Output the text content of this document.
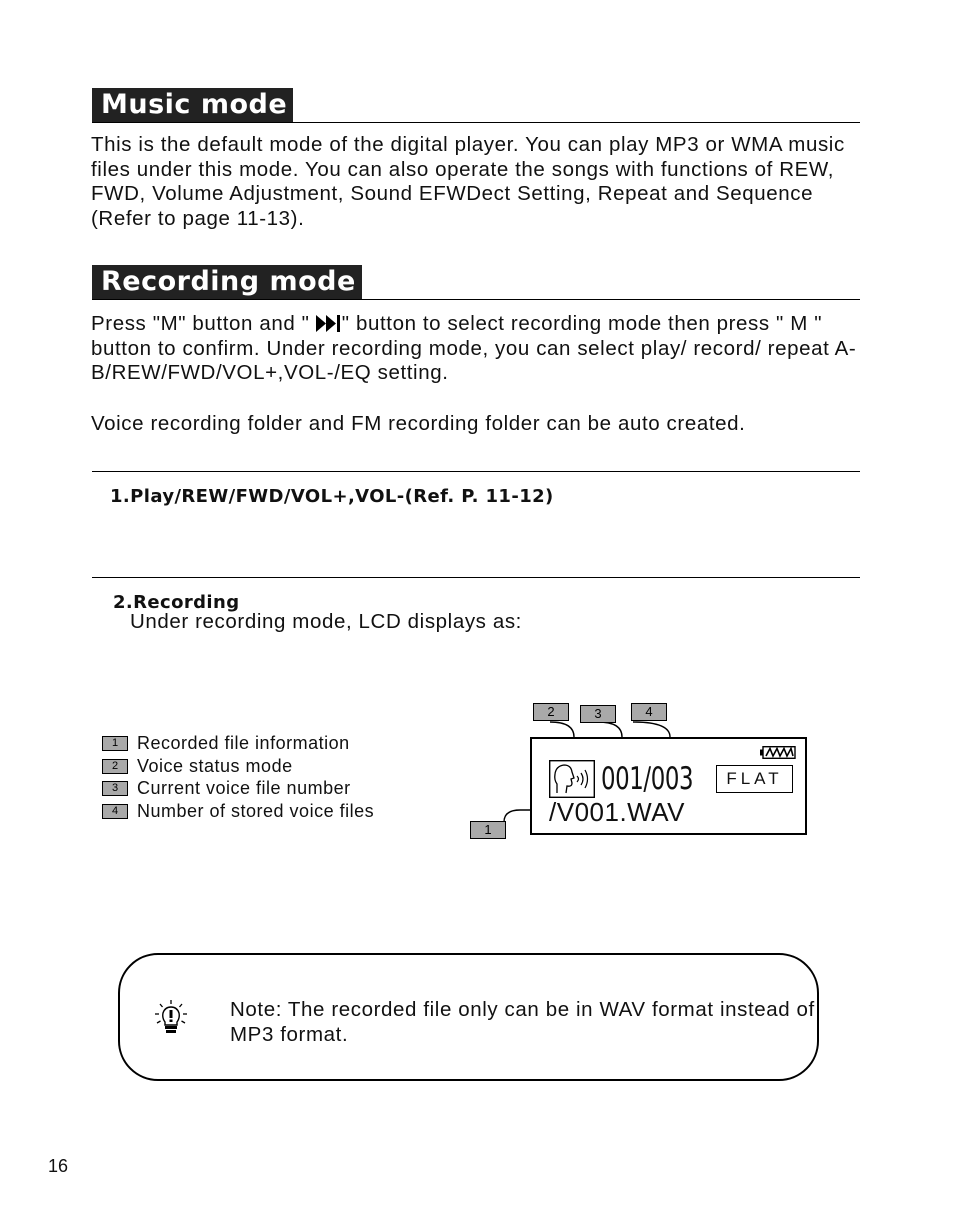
Music mode

This is the default mode of the digital player. You can play MP3 or WMA music files under this mode. You can also operate the songs with functions of REW, FWD, Volume Adjustment, Sound EFWDect Setting, Repeat and Sequence (Refer to page 11-13).

Recording mode

Press "M" button and " " button to select recording mode then press " M " button to confirm. Under recording mode, you can select play/ record/ repeat A-B/REW/FWD/VOL+,VOL-/EQ setting.

Voice recording folder and FM recording folder can be auto created.

1.Play/REW/FWD/VOL+,VOL-(Ref. P. 11-12)
2.Recording
Under recording mode, LCD displays as:
1	Recorded file information
2	Voice status mode
3	Current voice file number
4	Number of stored voice files
2	3	4
1
001/003	FLAT
/V001.WAV

Note: The recorded file only can be in WAV format instead of MP3 format.

16
